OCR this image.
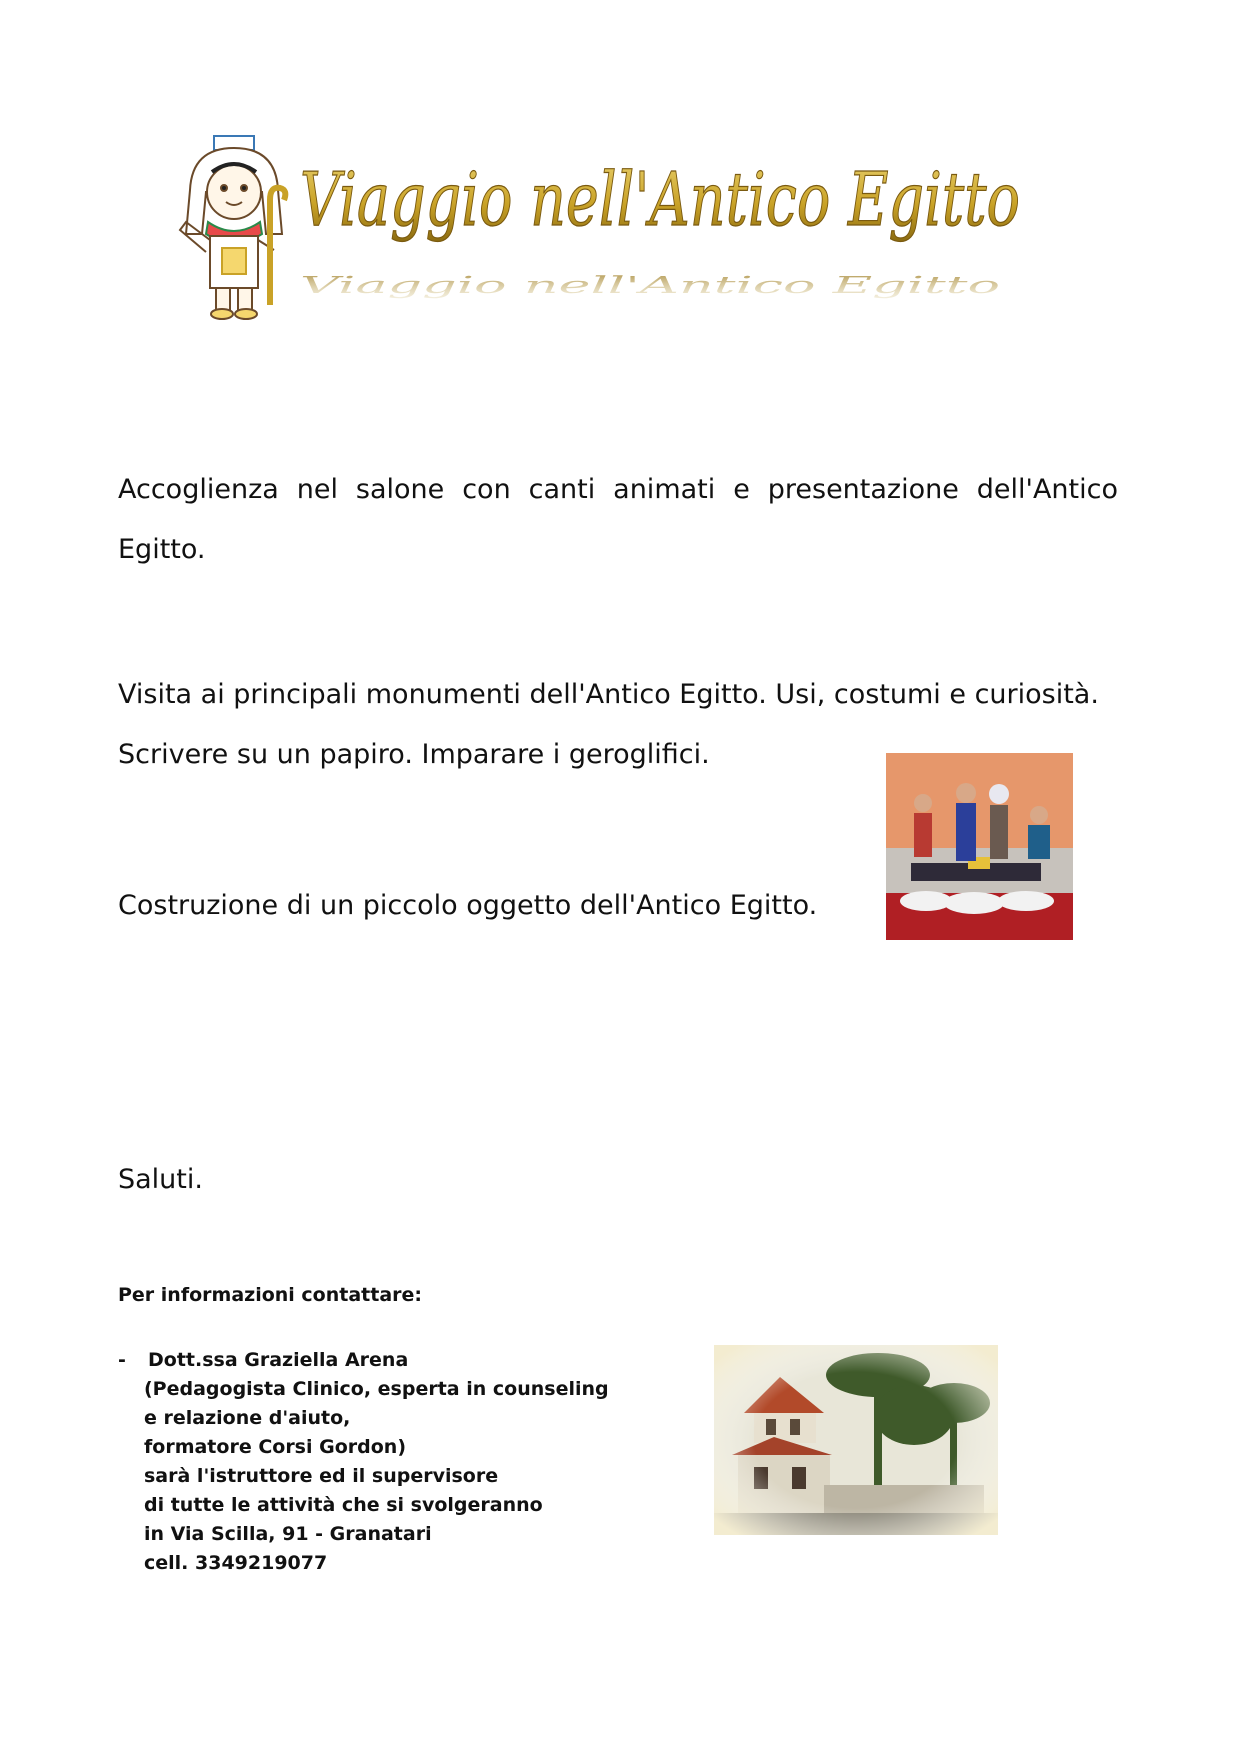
Viaggio nell'Antico Egitto
Viaggio nell'Antico Egitto
Accoglienza nel salone con canti animati e presentazione dell'Antico Egitto.
Visita ai principali monumenti dell'Antico Egitto. Usi, costumi e curiosità. Scrivere su un papiro. Imparare i geroglifici.
Costruzione di un piccolo oggetto dell'Antico Egitto.
Saluti.
Per informazioni contattare:
- Dott.ssa Graziella Arena
(Pedagogista Clinico, esperta in counseling
e relazione d'aiuto,
formatore Corsi Gordon)
sarà l'istruttore ed il supervisore
di tutte le attività che si svolgeranno
in Via Scilla, 91 - Granatari
cell. 3349219077
